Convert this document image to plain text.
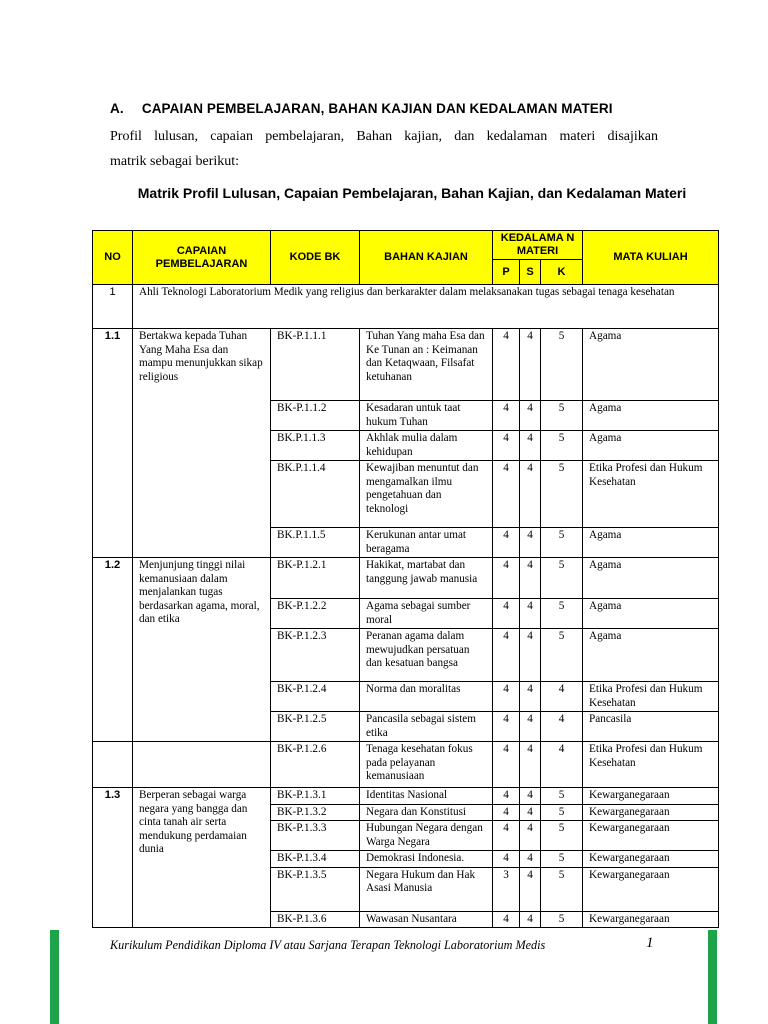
A. CAPAIAN PEMBELAJARAN, BAHAN KAJIAN DAN KEDALAMAN MATERI
Profil lulusan, capaian pembelajaran, Bahan kajian, dan kedalaman materi disajikan
matrik sebagai berikut:
Matrik Profil Lulusan, Capaian Pembelajaran, Bahan Kajian, dan Kedalaman Materi
NO	CAPAIAN PEMBELAJARAN	KODE BK	BAHAN KAJIAN	KEDALAMA N MATERI			MATA KULIAH
				P	S	K	
1	Ahli Teknologi Laboratorium Medik yang religius dan berkarakter dalam melaksanakan tugas sebagai tenaga kesehatan						
1.1	Bertakwa kepada Tuhan Yang Maha Esa dan mampu menunjukkan sikap religious	BK-P.1.1.1	Tuhan Yang maha Esa dan Ke Tunan an : Keimanan dan Ketaqwaan, Filsafat ketuhanan	4	4	5	Agama
		BK-P.1.1.2	Kesadaran untuk taat hukum Tuhan	4	4	5	Agama
		BK.P.1.1.3	Akhlak mulia dalam kehidupan	4	4	5	Agama
		BK.P.1.1.4	Kewajiban menuntut dan mengamalkan ilmu pengetahuan dan teknologi	4	4	5	Etika Profesi dan Hukum Kesehatan
		BK.P.1.1.5	Kerukunan antar umat beragama	4	4	5	Agama
1.2	Menjunjung tinggi nilai kemanusiaan dalam menjalankan tugas berdasarkan agama, moral, dan etika	BK-P.1.2.1	Hakikat, martabat dan tanggung jawab manusia	4	4	5	Agama
		BK-P.1.2.2	Agama sebagai sumber moral	4	4	5	Agama
		BK-P.1.2.3	Peranan agama dalam mewujudkan persatuan dan kesatuan bangsa	4	4	5	Agama
		BK-P.1.2.4	Norma dan moralitas	4	4	4	Etika Profesi dan Hukum Kesehatan
		BK-P.1.2.5	Pancasila sebagai sistem etika	4	4	4	Pancasila
		BK-P.1.2.6	Tenaga kesehatan fokus pada pelayanan kemanusiaan	4	4	4	Etika Profesi dan Hukum Kesehatan
1.3	Berperan sebagai warga negara yang bangga dan cinta tanah air serta mendukung perdamaian dunia	BK-P.1.3.1	Identitas Nasional	4	4	5	Kewarganegaraan
		BK-P.1.3.2	Negara dan Konstitusi	4	4	5	Kewarganegaraan
		BK-P.1.3.3	Hubungan Negara dengan Warga Negara	4	4	5	Kewarganegaraan
		BK-P.1.3.4	Demokrasi Indonesia.	4	4	5	Kewarganegaraan
		BK-P.1.3.5	Negara Hukum dan Hak Asasi Manusia	3	4	5	Kewarganegaraan
		BK-P.1.3.6	Wawasan Nusantara	4	4	5	Kewarganegaraan
Kurikulum Pendidikan Diploma IV atau Sarjana Terapan Teknologi Laboratorium Medis	1
